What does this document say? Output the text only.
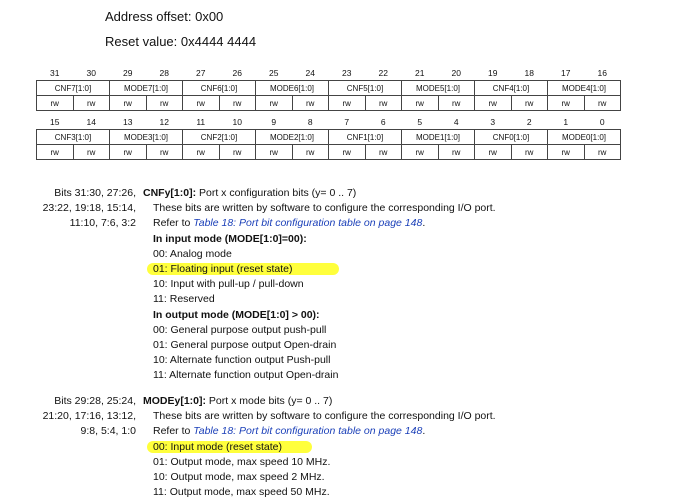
Address offset: 0x00
Reset value: 0x4444 4444
31	30	29	28	27	26	25	24	23	22	21	20	19	18	17	16
CNF7[1:0]		MODE7[1:0]		CNF6[1:0]		MODE6[1:0]		CNF5[1:0]		MODE5[1:0]		CNF4[1:0]		MODE4[1:0]	
rw	rw	rw	rw	rw	rw	rw	rw	rw	rw	rw	rw	rw	rw	rw	rw
15	14	13	12	11	10	9	8	7	6	5	4	3	2	1	0
CNF3[1:0]		MODE3[1:0]		CNF2[1:0]		MODE2[1:0]		CNF1[1:0]		MODE1[1:0]		CNF0[1:0]		MODE0[1:0]	
rw	rw	rw	rw	rw	rw	rw	rw	rw	rw	rw	rw	rw	rw	rw	rw
Bits 31:30, 27:26,
23:22, 19:18, 15:14,
11:10, 7:6, 3:2
CNFy[1:0]: Port x configuration bits (y= 0 .. 7)
These bits are written by software to configure the corresponding I/O port.
Refer to Table 18: Port bit configuration table on page 148.
In input mode (MODE[1:0]=00):
00: Analog mode
01: Floating input (reset state)
10: Input with pull-up / pull-down
11: Reserved
In output mode (MODE[1:0] > 00):
00: General purpose output push-pull
01: General purpose output Open-drain
10: Alternate function output Push-pull
11: Alternate function output Open-drain
Bits 29:28, 25:24,
21:20, 17:16, 13:12,
9:8, 5:4, 1:0
MODEy[1:0]: Port x mode bits (y= 0 .. 7)
These bits are written by software to configure the corresponding I/O port.
Refer to Table 18: Port bit configuration table on page 148.
00: Input mode (reset state)
01: Output mode, max speed 10 MHz.
10: Output mode, max speed 2 MHz.
11: Output mode, max speed 50 MHz.
